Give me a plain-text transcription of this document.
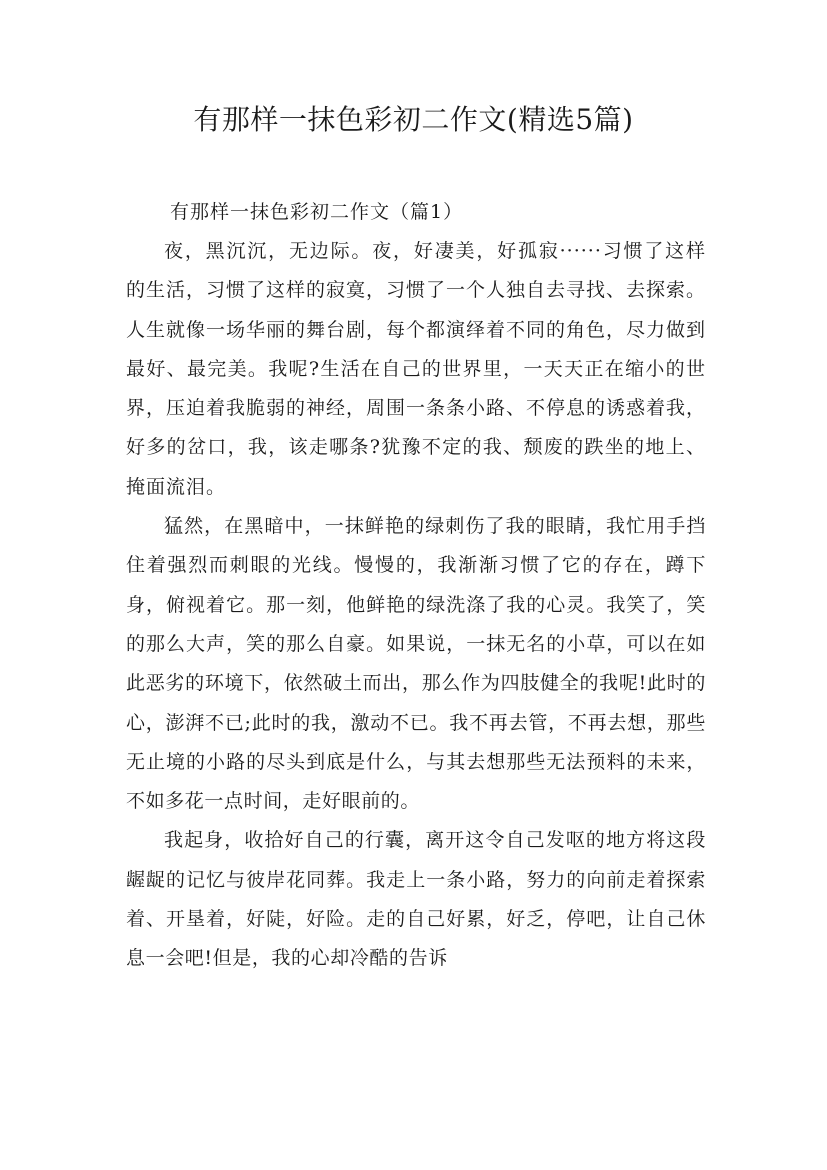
有那样一抹色彩初二作文(精选5篇)
有那样一抹色彩初二作文（篇1）

夜，黑沉沉，无边际。夜，好凄美，好孤寂······习惯了这样的生活，习惯了这样的寂寞，习惯了一个人独自去寻找、去探索。人生就像一场华丽的舞台剧，每个都演绎着不同的角色，尽力做到最好、最完美。我呢?生活在自己的世界里，一天天正在缩小的世界，压迫着我脆弱的神经，周围一条条小路、不停息的诱惑着我，好多的岔口，我，该走哪条?犹豫不定的我、颓废的跌坐的地上、掩面流泪。

猛然，在黑暗中，一抹鲜艳的绿刺伤了我的眼睛，我忙用手挡住着强烈而刺眼的光线。慢慢的，我渐渐习惯了它的存在，蹲下身，俯视着它。那一刻，他鲜艳的绿洗涤了我的心灵。我笑了，笑的那么大声，笑的那么自豪。如果说，一抹无名的小草，可以在如此恶劣的环境下，依然破土而出，那么作为四肢健全的我呢!此时的心，澎湃不已;此时的我，激动不已。我不再去管，不再去想，那些无止境的小路的尽头到底是什么，与其去想那些无法预料的未来，不如多花一点时间，走好眼前的。

我起身，收拾好自己的行囊，离开这令自己发呕的地方将这段龌龊的记忆与彼岸花同葬。我走上一条小路，努力的向前走着探索着、开垦着，好陡，好险。走的自己好累，好乏，停吧，让自己休息一会吧!但是，我的心却冷酷的告诉
